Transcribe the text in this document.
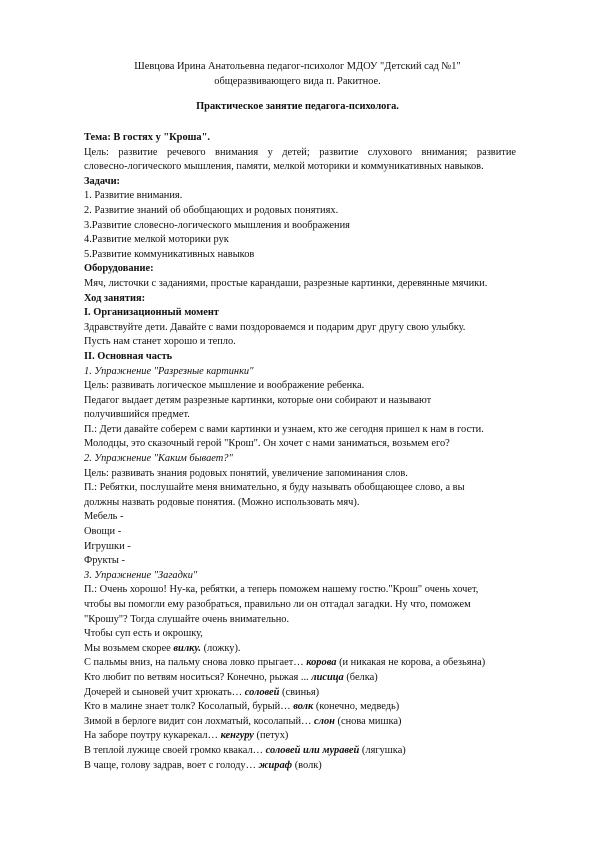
Шевцова Ирина Анатольевна педагог-психолог МДОУ "Детский сад №1"
общеразвивающего вида п. Ракитное.
Практическое занятие педагога-психолога.
Тема: В гостях у "Кроша".
Цель: развитие речевого внимания у детей; развитие слухового внимания; развитие
словесно-логического мышления, памяти, мелкой моторики и коммуникативных навыков.
Задачи:
1. Развитие внимания.
2. Развитие знаний об обобщающих и родовых понятиях.
3.Развитие словесно-логического мышления и воображения
4.Развитие мелкой моторики рук
5.Развитие коммуникативных навыков
Оборудование:
Мяч, листочки с заданиями, простые карандаши, разрезные картинки, деревянные мячики.
Ход занятия:
I. Организационный момент
Здравствуйте дети. Давайте с вами поздороваемся и подарим друг другу свою улыбку.
Пусть нам станет хорошо и тепло.
II. Основная часть
1. Упражнение "Разрезные картинки"
Цель: развивать логическое мышление и воображение ребенка.
Педагог выдает детям разрезные картинки, которые они собирают и называют
получившийся предмет.
П.: Дети давайте соберем с вами картинки и узнаем, кто же сегодня пришел к нам в гости.
Молодцы, это сказочный герой "Крош". Он хочет с нами заниматься, возьмем его?
2. Упражнение "Каким бывает?"
Цель: развивать знания родовых понятий, увеличение запоминания слов.
П.: Ребятки, послушайте меня внимательно, я буду называть обобщающее слово, а вы
должны назвать родовые понятия. (Можно использовать мяч).
Мебель -
Овощи -
Игрушки -
Фрукты -
3. Упражнение "Загадки"
П.: Очень хорошо! Ну-ка, ребятки, а теперь поможем нашему гостю."Крош" очень хочет,
чтобы вы помогли ему разобраться, правильно ли он отгадал загадки. Ну что, поможем
"Крошу"? Тогда слушайте очень внимательно.
Чтобы суп есть и окрошку,
Мы возьмем скорее вилку. (ложку).
С пальмы вниз, на пальму снова ловко прыгает… корова (и никакая не корова, а обезьяна)
Кто любит по ветвям носиться? Конечно, рыжая ... лисица (белка)
Дочерей и сыновей учит хрюкать… соловей (свинья)
Кто в малине знает толк? Косолапый, бурый… волк (конечно, медведь)
Зимой в берлоге видит сон лохматый, косолапый… слон (снова мишка)
На заборе поутру кукарекал… кенгуру (петух)
В теплой лужице своей громко квакал… соловей или муравей (лягушка)
В чаще, голову задрав, воет с голоду… жираф (волк)
